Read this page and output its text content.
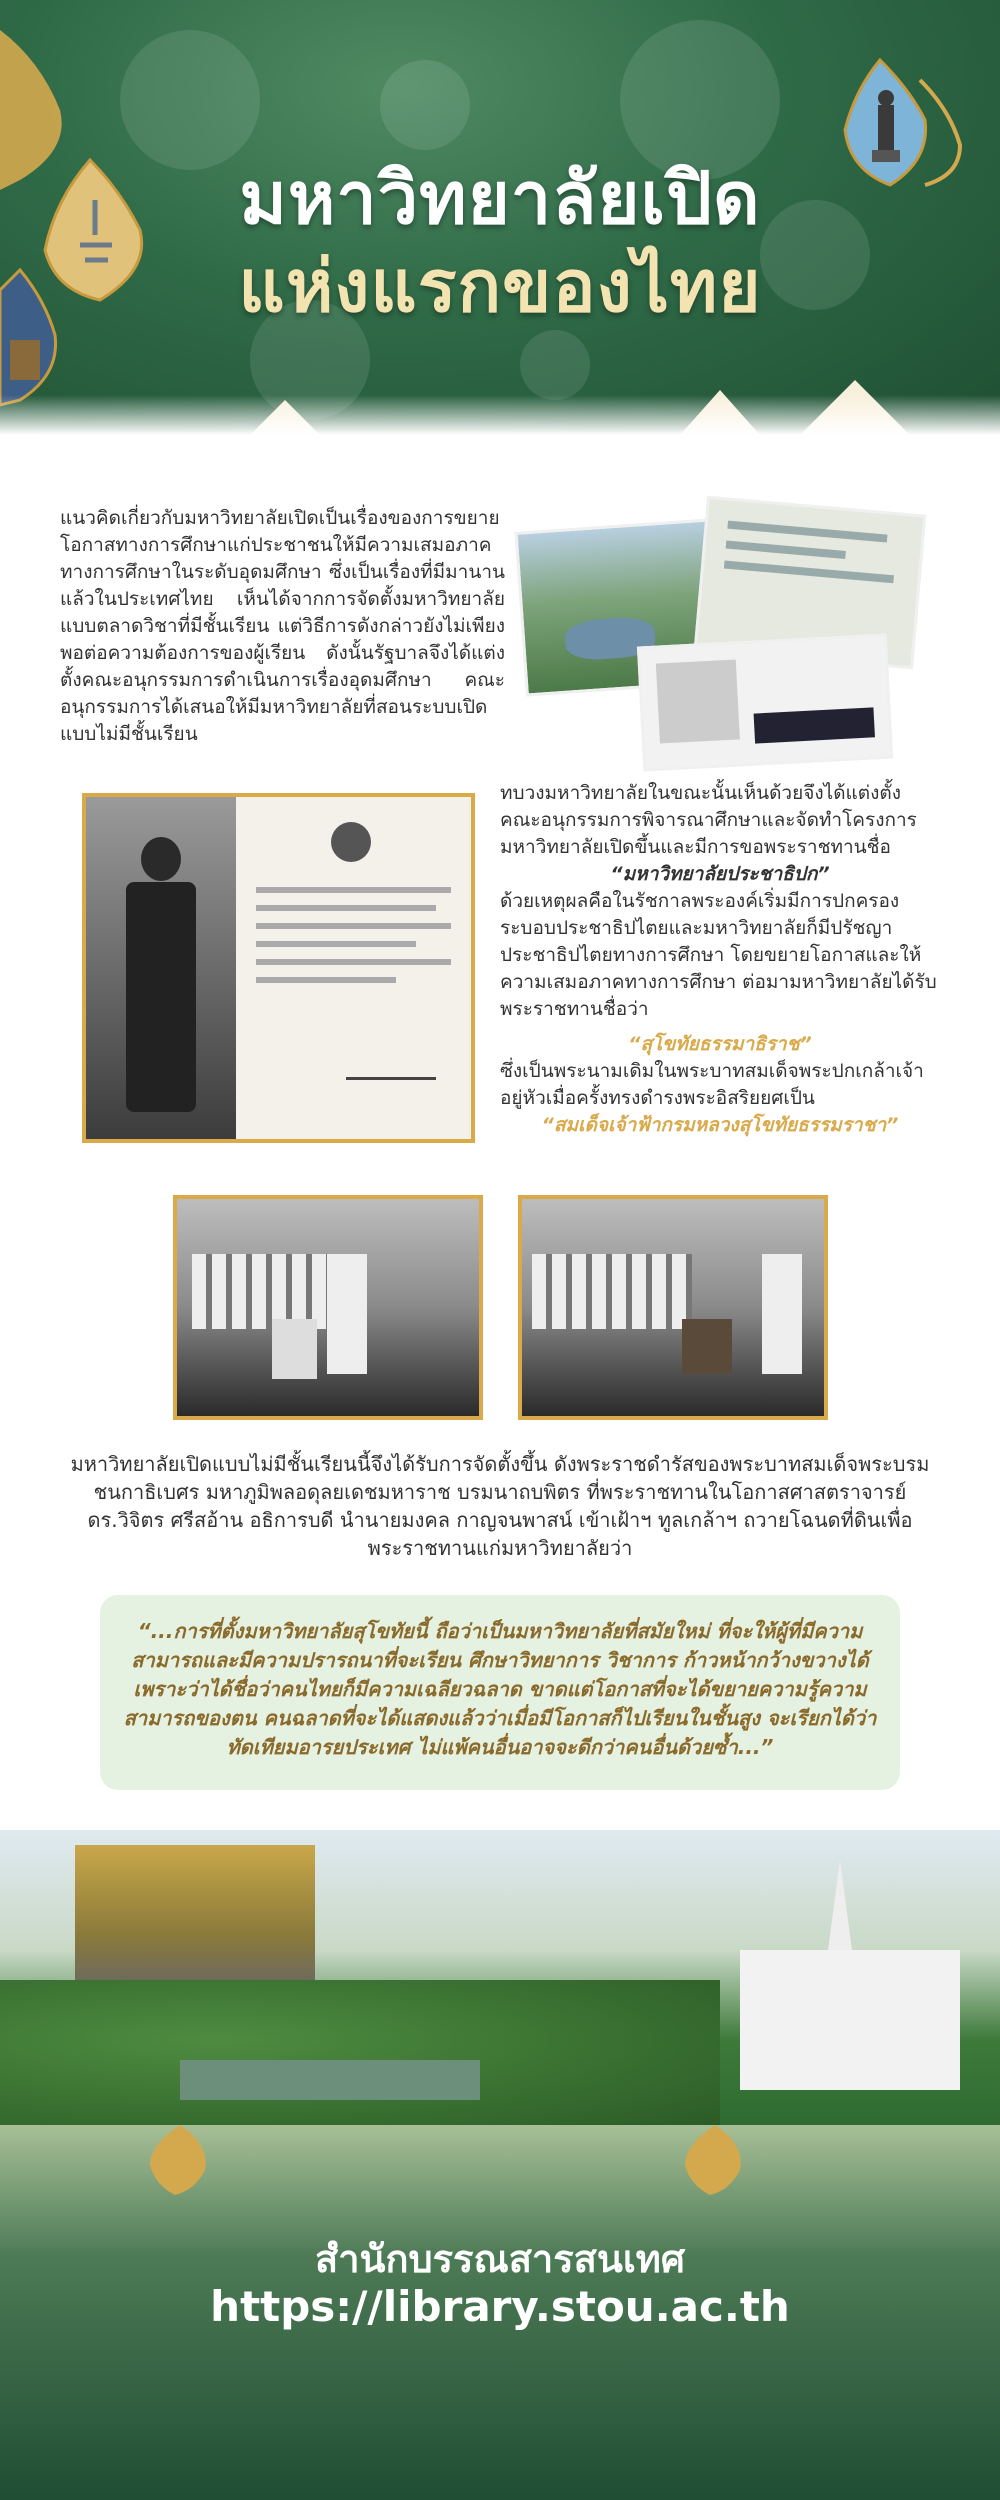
มหาวิทยาลัยเปิด
แห่งแรกของไทย
แนวคิดเกี่ยวกับมหาวิทยาลัยเปิดเป็นเรื่องของการขยายโอกาสทางการศึกษาแก่ประชาชนให้มีความเสมอภาคทางการศึกษาในระดับอุดมศึกษา ซึ่งเป็นเรื่องที่มีมานานแล้วในประเทศไทย เห็นได้จากการจัดตั้งมหาวิทยาลัยแบบตลาดวิชาที่มีชั้นเรียน แต่วิธีการดังกล่าวยังไม่เพียงพอต่อความต้องการของผู้เรียน ดังนั้นรัฐบาลจึงได้แต่งตั้งคณะอนุกรรมการดำเนินการเรื่องอุดมศึกษา คณะอนุกรรมการได้เสนอให้มีมหาวิทยาลัยที่สอนระบบเปิดแบบไม่มีชั้นเรียน
ทบวงมหาวิทยาลัยในขณะนั้นเห็นด้วยจึงได้แต่งตั้งคณะอนุกรรมการพิจารณาศึกษาและจัดทำโครงการมหาวิทยาลัยเปิดขึ้นและมีการขอพระราชทานชื่อ
“มหาวิทยาลัยประชาธิปก”
ด้วยเหตุผลคือในรัชกาลพระองค์เริ่มมีการปกครองระบอบประชาธิปไตยและมหาวิทยาลัยก็มีปรัชญาประชาธิปไตยทางการศึกษา โดยขยายโอกาสและให้ความเสมอภาคทางการศึกษา ต่อมามหาวิทยาลัยได้รับพระราชทานชื่อว่า
“สุโขทัยธรรมาธิราช”
ซึ่งเป็นพระนามเดิมในพระบาทสมเด็จพระปกเกล้าเจ้าอยู่หัวเมื่อครั้งทรงดำรงพระอิสริยยศเป็น
“สมเด็จเจ้าฟ้ากรมหลวงสุโขทัยธรรมราชา”
มหาวิทยาลัยเปิดแบบไม่มีชั้นเรียนนี้จึงได้รับการจัดตั้งขึ้น ดังพระราชดำรัสของพระบาทสมเด็จพระบรมชนกาธิเบศร มหาภูมิพลอดุลยเดชมหาราช บรมนาถบพิตร ที่พระราชทานในโอกาสศาสตราจารย์ ดร.วิจิตร ศรีสอ้าน อธิการบดี นำนายมงคล กาญจนพาสน์ เข้าเฝ้าฯ ทูลเกล้าฯ ถวายโฉนดที่ดินเพื่อพระราชทานแก่มหาวิทยาลัยว่า
“...การที่ตั้งมหาวิทยาลัยสุโขทัยนี้ ถือว่าเป็นมหาวิทยาลัยที่สมัยใหม่ ที่จะให้ผู้ที่มีความสามารถและมีความปรารถนาที่จะเรียน ศึกษาวิทยาการ วิชาการ ก้าวหน้ากว้างขวางได้ เพราะว่าได้ชื่อว่าคนไทยก็มีความเฉลียวฉลาด ขาดแต่โอกาสที่จะได้ขยายความรู้ความสามารถของตน คนฉลาดที่จะได้แสดงแล้วว่าเมื่อมีโอกาสก็ไปเรียนในชั้นสูง จะเรียกได้ว่าทัดเทียมอารยประเทศ ไม่แพ้คนอื่นอาจจะดีกว่าคนอื่นด้วยซ้ำ...”
สำนักบรรณสารสนเทศ
https://library.stou.ac.th
